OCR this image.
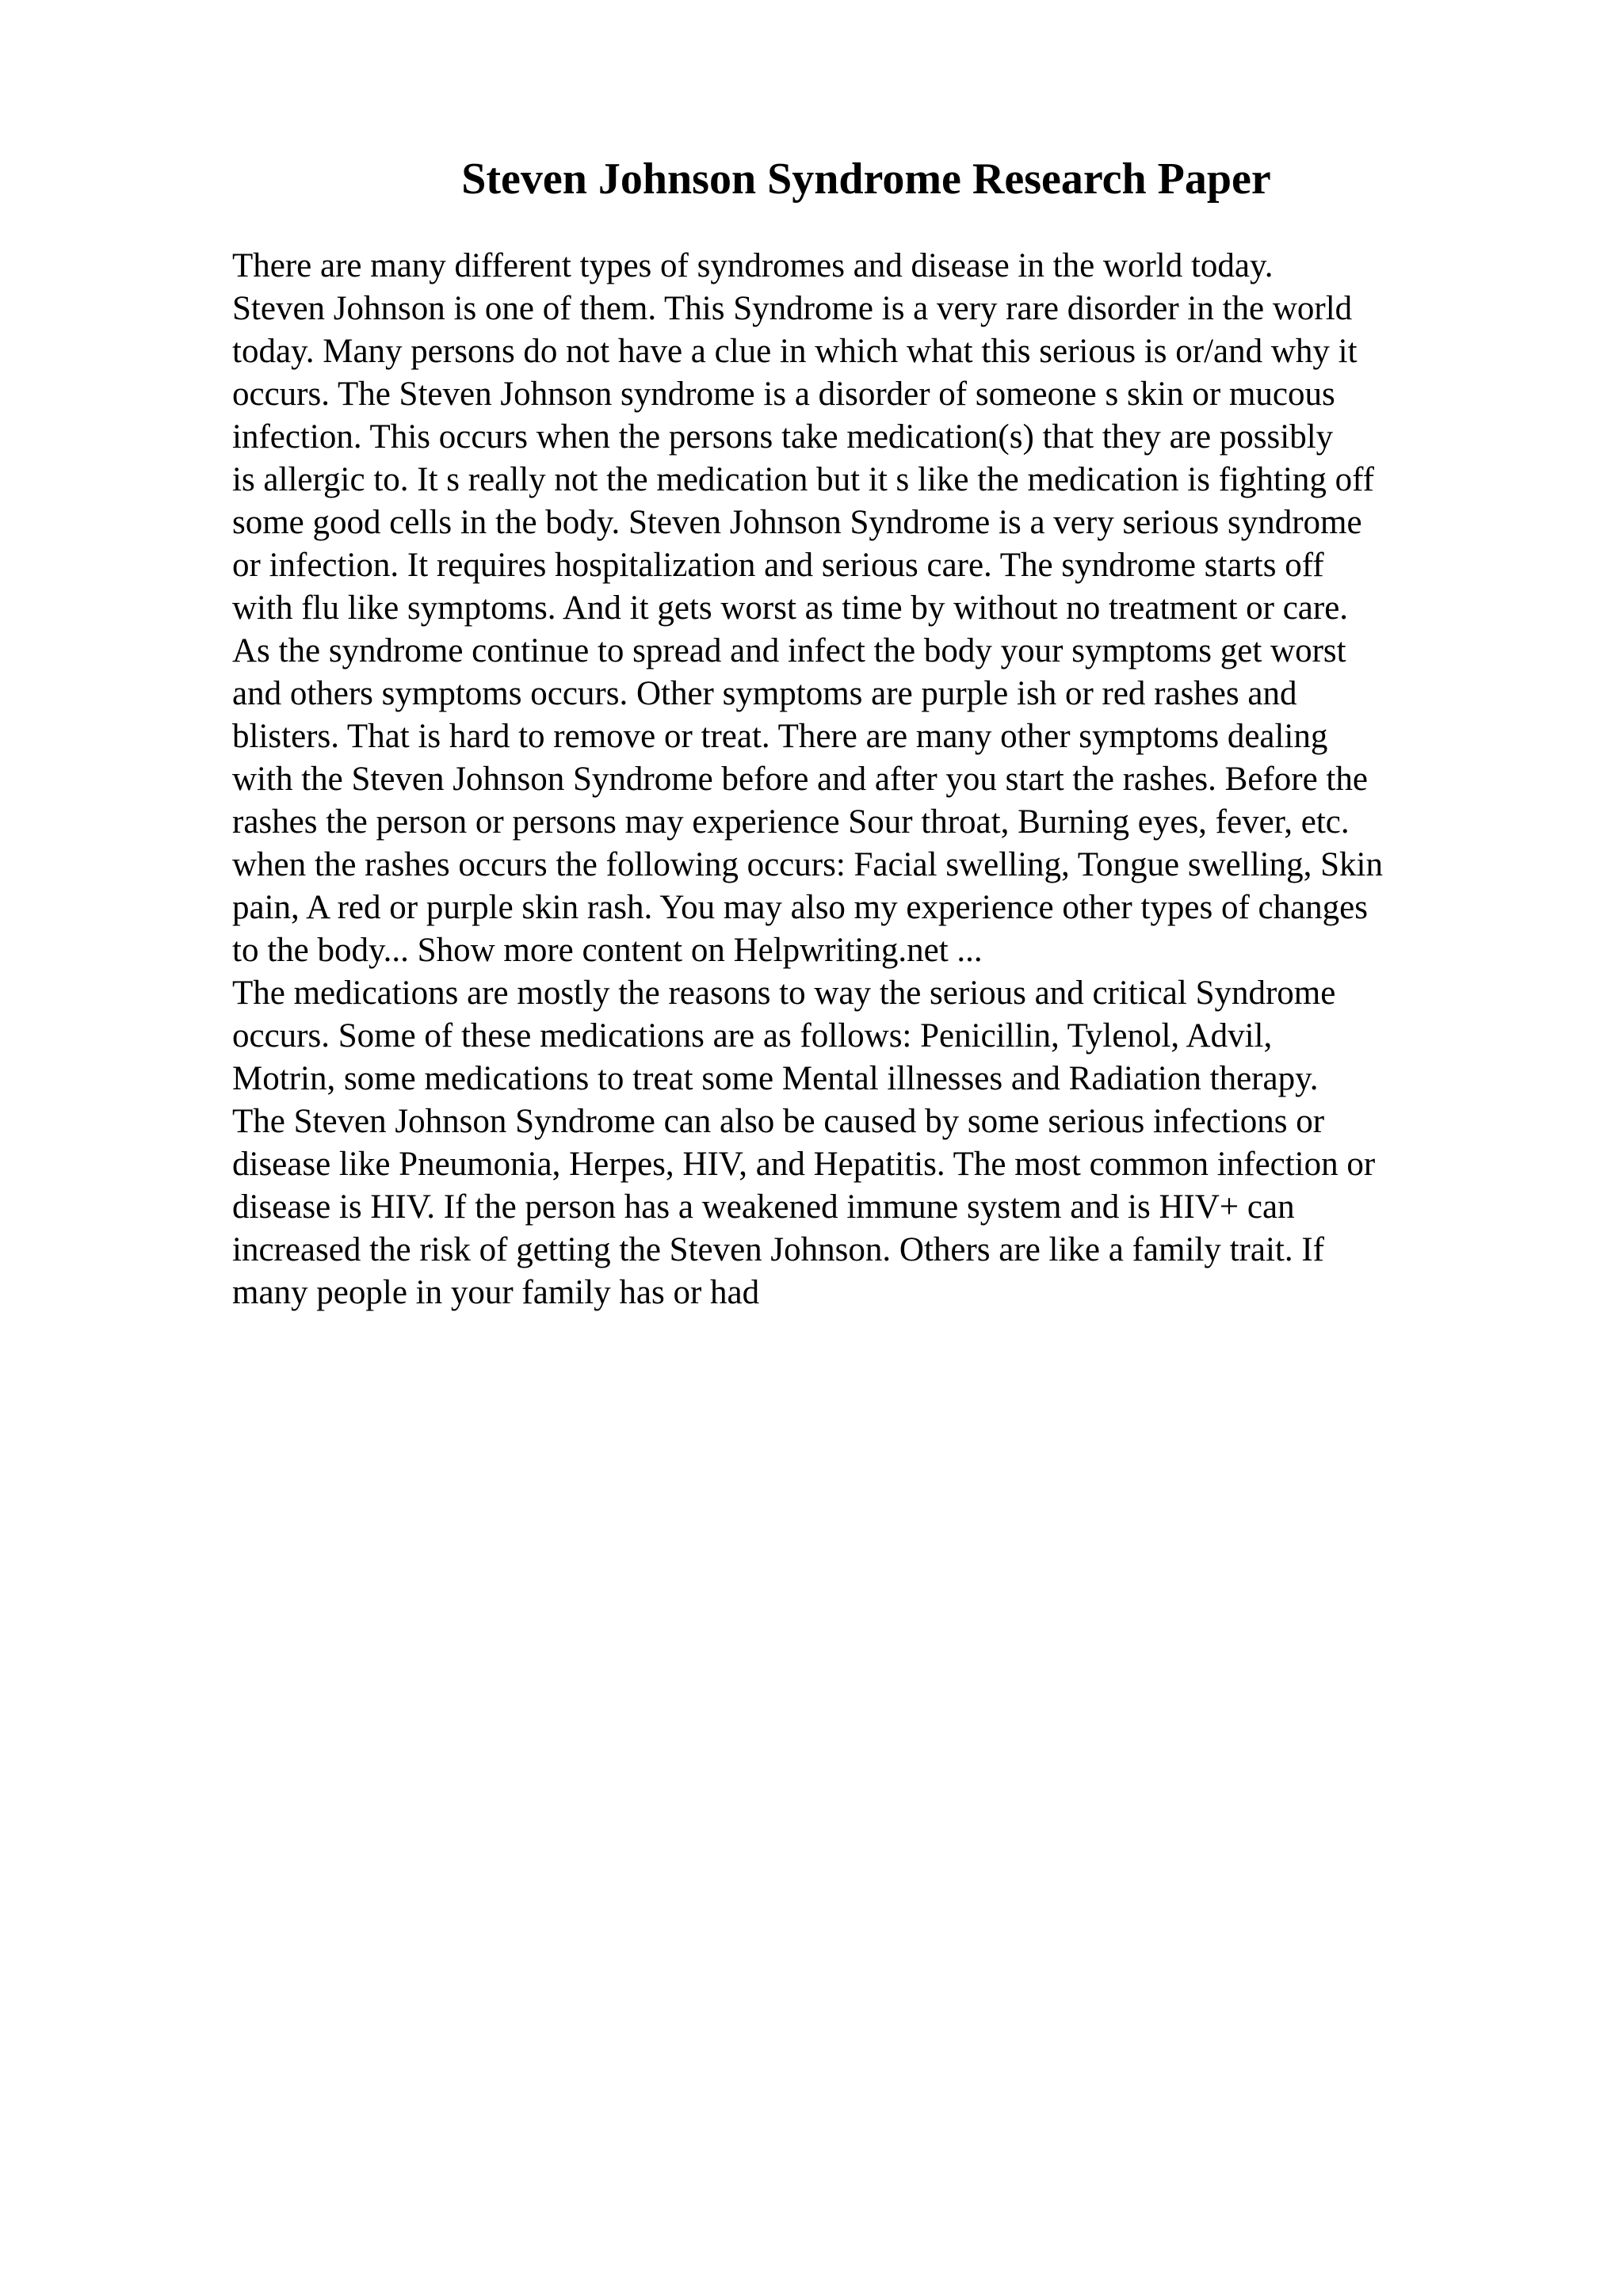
Steven Johnson Syndrome Research Paper
There are many different types of syndromes and disease in the world today.
Steven Johnson is one of them. This Syndrome is a very rare disorder in the world
today. Many persons do not have a clue in which what this serious is or/and why it
occurs. The Steven Johnson syndrome is a disorder of someone s skin or mucous
infection. This occurs when the persons take medication(s) that they are possibly
is allergic to. It s really not the medication but it s like the medication is fighting off
some good cells in the body. Steven Johnson Syndrome is a very serious syndrome
or infection. It requires hospitalization and serious care. The syndrome starts off
with flu like symptoms. And it gets worst as time by without no treatment or care.
As the syndrome continue to spread and infect the body your symptoms get worst
and others symptoms occurs. Other symptoms are purple ish or red rashes and
blisters. That is hard to remove or treat. There are many other symptoms dealing
with the Steven Johnson Syndrome before and after you start the rashes. Before the
rashes the person or persons may experience Sour throat, Burning eyes, fever, etc.
when the rashes occurs the following occurs: Facial swelling, Tongue swelling, Skin
pain, A red or purple skin rash. You may also my experience other types of changes
to the body... Show more content on Helpwriting.net ...
The medications are mostly the reasons to way the serious and critical Syndrome
occurs. Some of these medications are as follows: Penicillin, Tylenol, Advil,
Motrin, some medications to treat some Mental illnesses and Radiation therapy.
The Steven Johnson Syndrome can also be caused by some serious infections or
disease like Pneumonia, Herpes, HIV, and Hepatitis. The most common infection or
disease is HIV. If the person has a weakened immune system and is HIV+ can
increased the risk of getting the Steven Johnson. Others are like a family trait. If
many people in your family has or had
